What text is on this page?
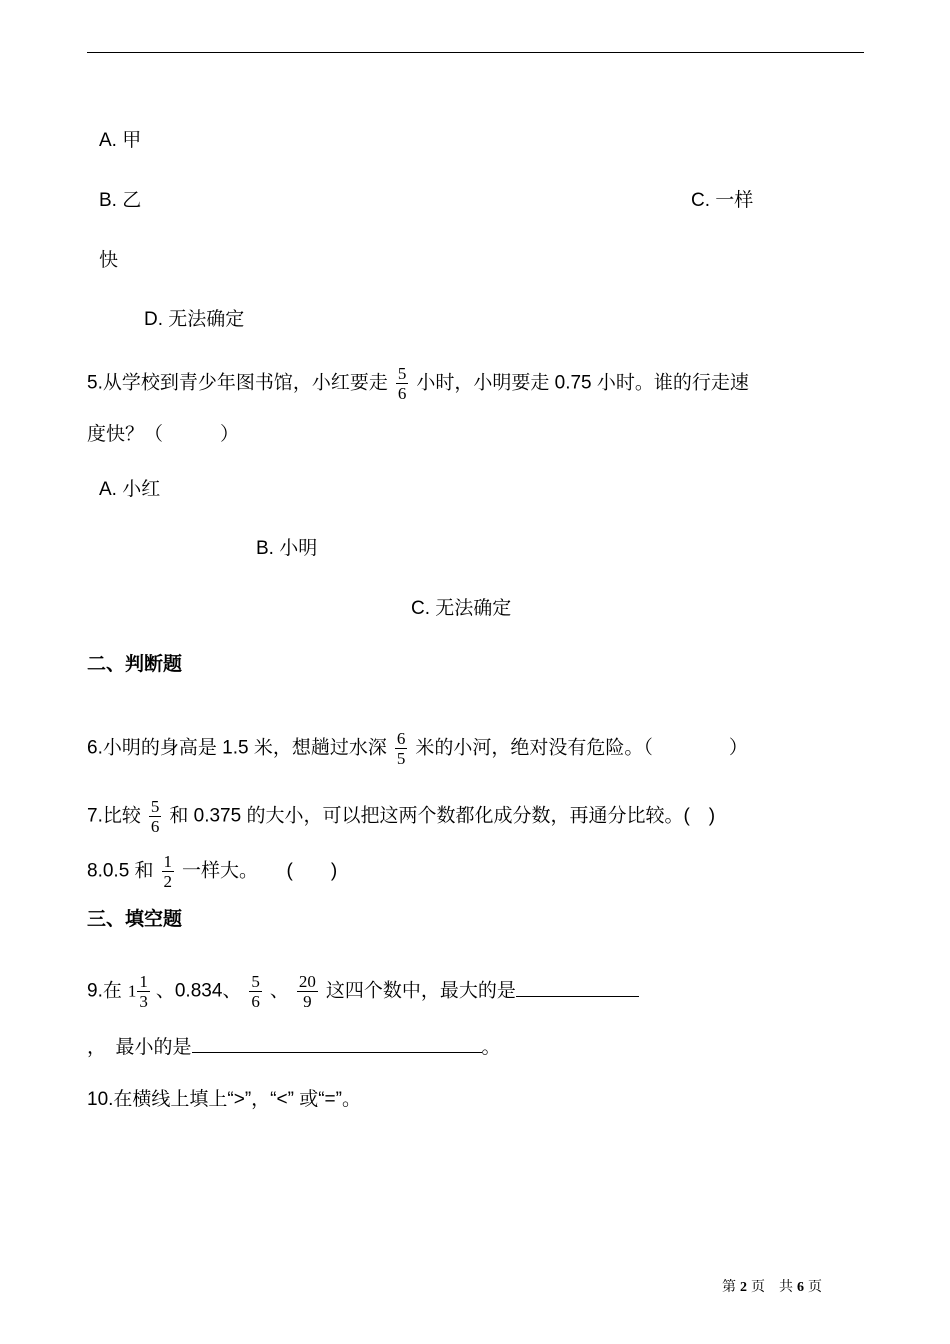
A. 甲
B. 乙	C. 一样
快
D. 无法确定
5.从学校到青少年图书馆，小红要走 $\frac{5}{6}$ 小时，小明要走 0.75 小时。谁的行走速
度快？（　　　）
A. 小红
B. 小明
C. 无法确定
二、判断题
6.小明的身高是 1.5 米，想趟过水深 $\frac{6}{5}$ 米的小河，绝对没有危险。（　　　　）
7.比较 $\frac{5}{6}$ 和 0.375 的大小，可以把这两个数都化成分数，再通分比较。(　)
8.0.5 和 $\frac{1}{2}$ 一样大。　　(　　)
三、填空题
9.在 $1 \frac{1}{3}$ 、0.834、 $\frac{5}{6}$ 、 $\frac{20}{9}$ 这四个数中，最大的是
，　最小的是	。
10.在横线上填上“>”，“<” 或“=”。
第 2 页　共 6 页
